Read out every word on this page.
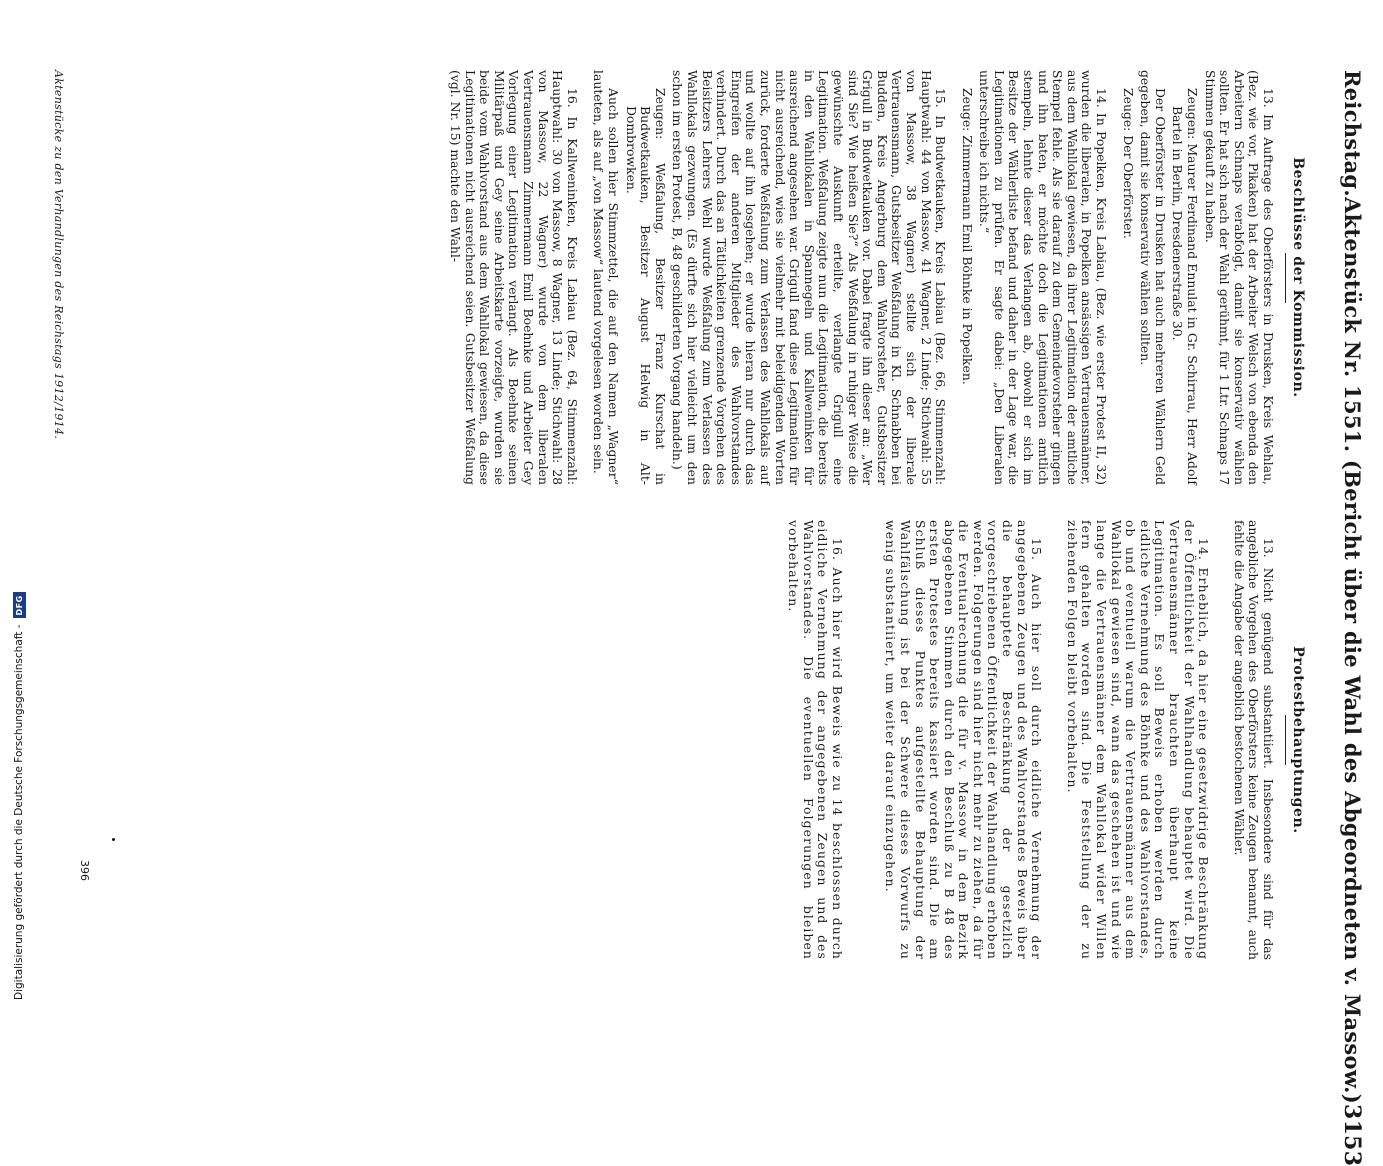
Digitalisierung gefördert durch die Deutsche Forschungsgemeinschaft -
DFG
Reichstag.
Aktenstück Nr. 1551. (Bericht über die Wahl des Abgeordneten v. Massow.)
3153
Beschlüsse der Kommission.

13. Im Auftrage des Oberförsters in Drusken, Kreis Wehlau, (Bez. wie vor, Pikaken) hat der Arbeiter Welsch von ebenda den Arbeitern Schnaps verabfolgt, damit sie konservativ wählen sollten. Er hat sich nach der Wahl gerühmt, für 1 Ltr. Schnaps 17 Stimmen gekauft zu haben.

Zeugen: Maurer Ferdinand Ennulat in Gr. Schirrau, Herr Adolf Bartel in Berlin, Dresdenerstraße 30.

Der Oberförster in Drusken hat auch mehreren Wählern Geld gegeben, damit sie konservativ wählen sollten.

Zeuge: Der Oberförster.

14. In Popelken, Kreis Labiau, (Bez. wie erster Protest II, 32) wurden die liberalen, in Popelken ansässigen Vertrauensmänner, aus dem Wahllokal gewiesen, da ihrer Legitimation der amtliche Stempel fehle. Als sie darauf zu dem Gemeindevorsteher gingen und ihn baten, er möchte doch die Legitimationen amtlich stempeln, lehnte dieser das Verlangen ab, obwohl er sich im Besitze der Wählerliste befand und daher in der Lage war, die Legitimationen zu prüfen. Er sagte dabei: „Den Liberalen unterschreibe ich nichts.“

Zeuge: Zimmermann Emil Böhnke in Popelken.

15. In Budwetkauken, Kreis Labiau (Bez. 66, Stimmenzahl: Hauptwahl: 44 von Massow, 41 Wagner, 2 Linde; Stichwahl: 55 von Massow, 38 Wagner) stellte sich der liberale Vertrauensmann, Gutsbesitzer Weßfalung in Kl. Schnabben bei Budden, Kreis Angerburg dem Wahlvorsteher, Gutsbesitzer Grigull in Budwetkauken vor. Dabei fragte ihn dieser an: „Wer sind Sie? Wie heißen Sie?“ Als Weßfalung in ruhiger Weise die gewünschte Auskunft erteilte, verlangte Grigull eine Legitimation. Weßfalung zeigte nun die Legitimation, die bereits in den Wahllokalen in Spannegeln und Kallweninken für ausreichend angesehen war. Grigull fand diese Legitimation für nicht ausreichend, wies sie vielmehr mit beleidigenden Worten zurück, forderte Weßfalung zum Verlassen des Wahllokals auf und wollte auf ihn losgehen; er wurde hieran nur durch das Eingreifen der anderen Mitglieder des Wahlvorstandes verhindert. Durch das an Tätlichkeiten grenzende Vorgehen des Beisitzers Lehrers Wehl wurde Weßfalung zum Verlassen des Wahllokals gezwungen. (Es dürfte sich hier vielleicht um den schon im ersten Protest, B, 48 geschilderten Vorgang handeln.)

Zeugen: Weßfalung, Besitzer Franz Kurschat in Budwetkauken, Besitzer August Helwig in Alt-Dombrowken.

Auch sollen hier Stimmzettel, die auf den Namen „Wagner“ lauteten, als auf „von Massow“ lautend vorgelesen worden sein.

16. In Kallweninken, Kreis Labiau (Bez. 64, Stimmenzahl: Hauptwahl: 30 von Massow, 8 Wagner, 13 Linde; Stichwahl: 28 von Massow, 22 Wagner) wurde von dem liberalen Vertrauensmann Zimmermann Emil Boehnke und Arbeiter Gey Vorlegung einer Legitimation verlangt. Als Boehnke seinen Militärpaß und Gey seine Arbeitskarte vorzeigte, wurden sie beide vom Wahlvorstand aus dem Wahllokal gewiesen, da diese Legitimationen nicht ausreichend seien. Gutsbesitzer Weßfalung (vgl. Nr. 15) machte den Wahl-

Protestbehauptungen.

13. Nicht genügend substantiiert. Insbesondere sind für das angebliche Vorgehen des Oberförsters keine Zeugen benannt, auch fehlte die Angabe der angeblich bestochenen Wähler.

14. Erheblich, da hier eine gesetzwidrige Beschränkung der Öffentlichkeit der Wahlhandlung behauptet wird. Die Vertrauensmänner brauchten überhaupt keine Legitimation. Es soll Beweis erhoben werden durch eidliche Vernehmung des Böhnke und des Wahlvorstandes, ob und eventuell warum die Vertrauensmänner aus dem Wahllokal gewiesen sind, wann das geschehen ist und wie lange die Vertrauensmänner dem Wahllokal wider Willen fern gehalten worden sind. Die Feststellung der zu ziehenden Folgen bleibt vorbehalten.

15. Auch hier soll durch eidliche Vernehmung der angegebenen Zeugen und des Wahlvorstandes Beweis über die behauptete Beschränkung der gesetzlich vorgeschriebenen Öffentlichkeit der Wahlhandlung erhoben werden. Folgerungen sind hier nicht mehr zu ziehen, da für die Eventualrechnung die für v. Massow in dem Bezirk abgegebenen Stimmen durch den Beschluß zu B 48 des ersten Protestes bereits kassiert worden sind. Die am Schluß dieses Punktes aufgestellte Behauptung der Wahlfälschung ist bei der Schwere dieses Vorwurfs zu wenig substantiiert, um weiter darauf einzugehen.

16. Auch hier wird Beweis wie zu 14 beschlossen durch eidliche Vernehmung der angegebenen Zeugen und des Wahlvorstandes. Die eventuellen Folgerungen bleiben vorbehalten.

396
Aktenstücke zu den Verhandlungen des Reichstags 1912/1914.
